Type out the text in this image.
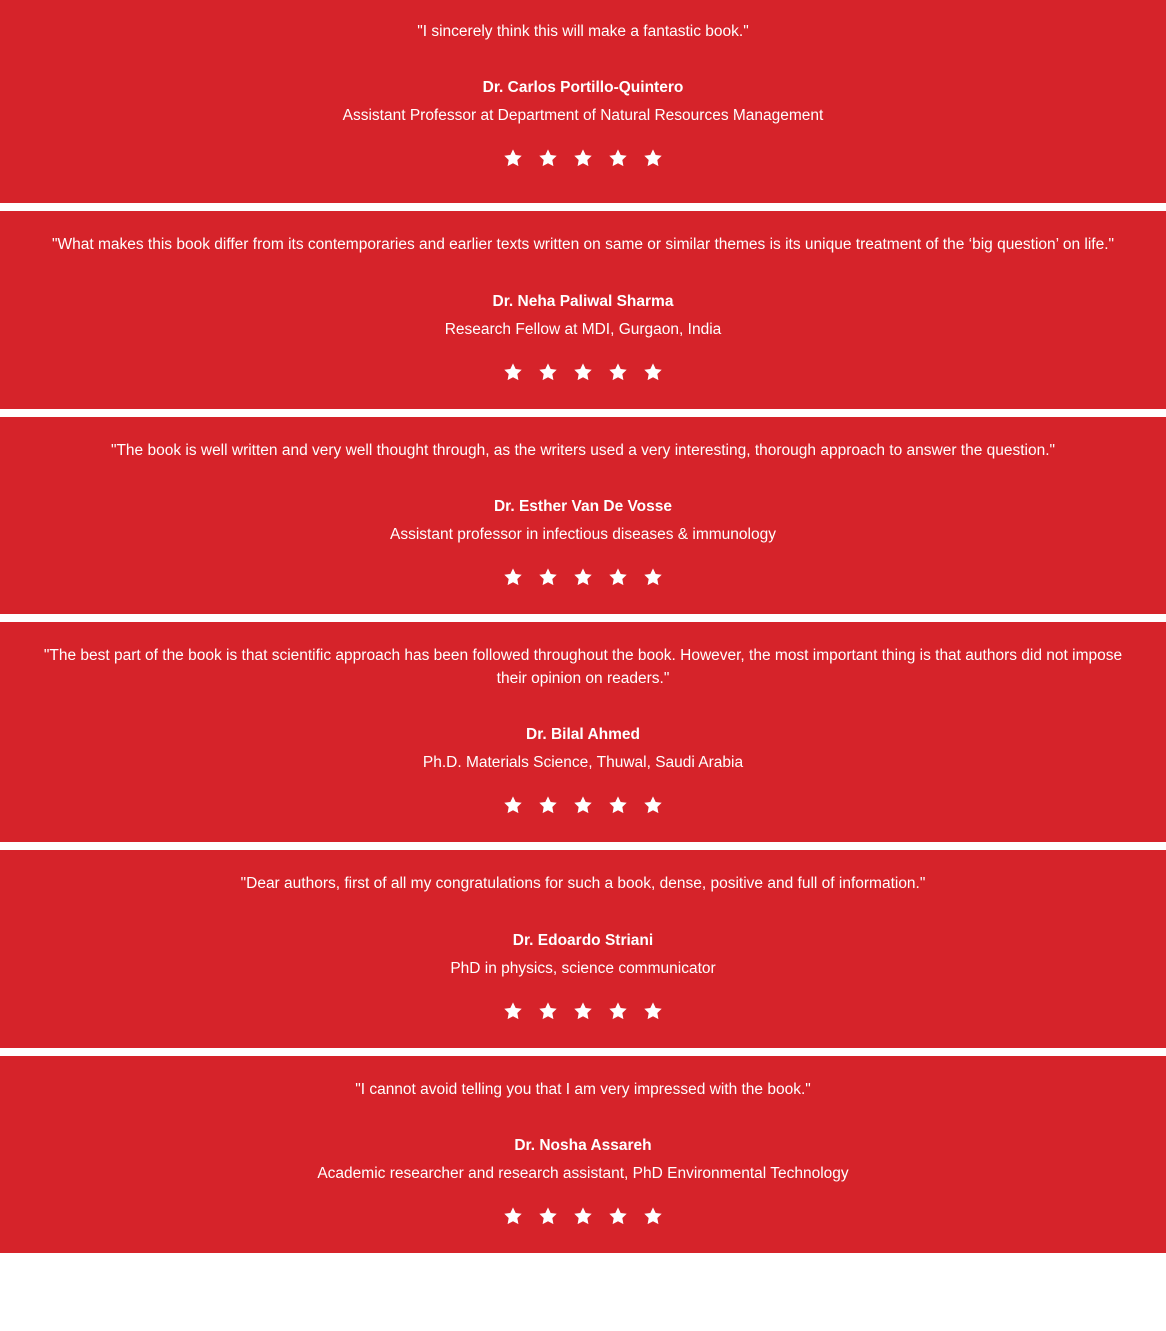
"I sincerely think this will make a fantastic book."

Dr. Carlos Portillo-Quintero
Assistant Professor at Department of Natural Resources Management

"What makes this book differ from its contemporaries and earlier texts written on same or similar themes is its unique treatment of the ‘big question’ on life."

Dr. Neha Paliwal Sharma
Research Fellow at MDI, Gurgaon, India

"The book is well written and very well thought through, as the writers used a very interesting, thorough approach to answer the question."

Dr. Esther Van De Vosse
Assistant professor in infectious diseases & immunology

"The best part of the book is that scientific approach has been followed throughout the book. However, the most important thing is that authors did not impose their opinion on readers."

Dr. Bilal Ahmed
Ph.D. Materials Science, Thuwal, Saudi Arabia

"Dear authors, first of all my congratulations for such a book, dense, positive and full of information."

Dr. Edoardo Striani
PhD in physics, science communicator

"I cannot avoid telling you that I am very impressed with the book."

Dr. Nosha Assareh
Academic researcher and research assistant, PhD Environmental Technology
